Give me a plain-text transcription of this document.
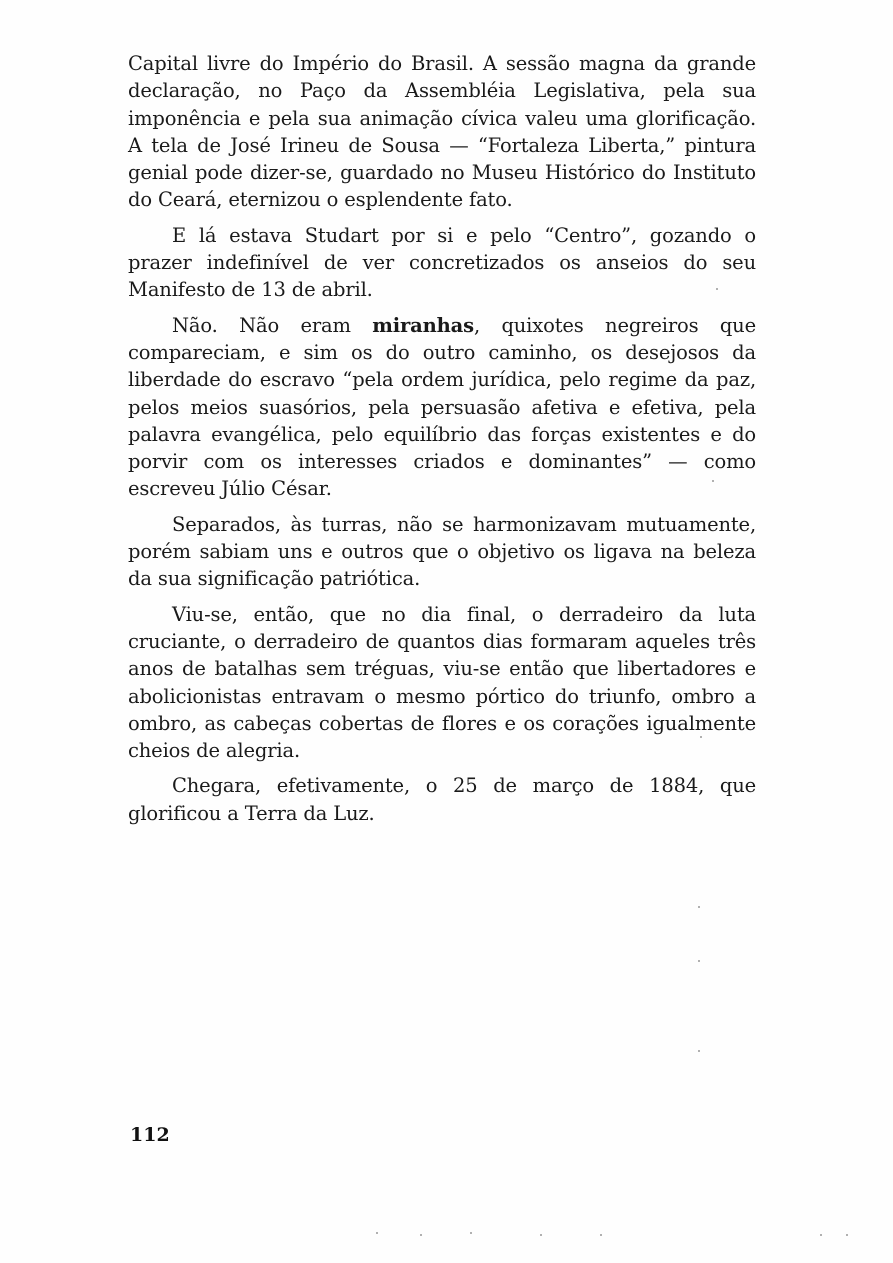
Capital livre do Império do Brasil. A sessão magna da grande declaração, no Paço da Assembléia Legislativa, pela sua imponência e pela sua animação cívica valeu uma glorificação. A tela de José Irineu de Sousa — “Fortaleza Liberta,” pintura genial pode dizer-se, guardado no Museu Histórico do Instituto do Ceará, eternizou o esplendente fato.

E lá estava Studart por si e pelo “Centro”, gozando o prazer indefinível de ver concretizados os anseios do seu Manifesto de 13 de abril.

Não. Não eram miranhas, quixotes negreiros que compareciam, e sim os do outro caminho, os desejosos da liberdade do escravo “pela ordem jurídica, pelo regime da paz, pelos meios suasórios, pela persuasão afetiva e efetiva, pela palavra evangélica, pelo equilíbrio das forças existentes e do porvir com os interesses criados e dominantes” — como escreveu Júlio César.

Separados, às turras, não se harmonizavam mutuamente, porém sabiam uns e outros que o objetivo os ligava na beleza da sua significação patriótica.

Viu-se, então, que no dia final, o derradeiro da luta cruciante, o derradeiro de quantos dias formaram aqueles três anos de batalhas sem tréguas, viu-se então que libertadores e abolicionistas entravam o mesmo pórtico do triunfo, ombro a ombro, as cabeças cobertas de flores e os corações igualmente cheios de alegria.

Chegara, efetivamente, o 25 de março de 1884, que glorificou a Terra da Luz.

112
